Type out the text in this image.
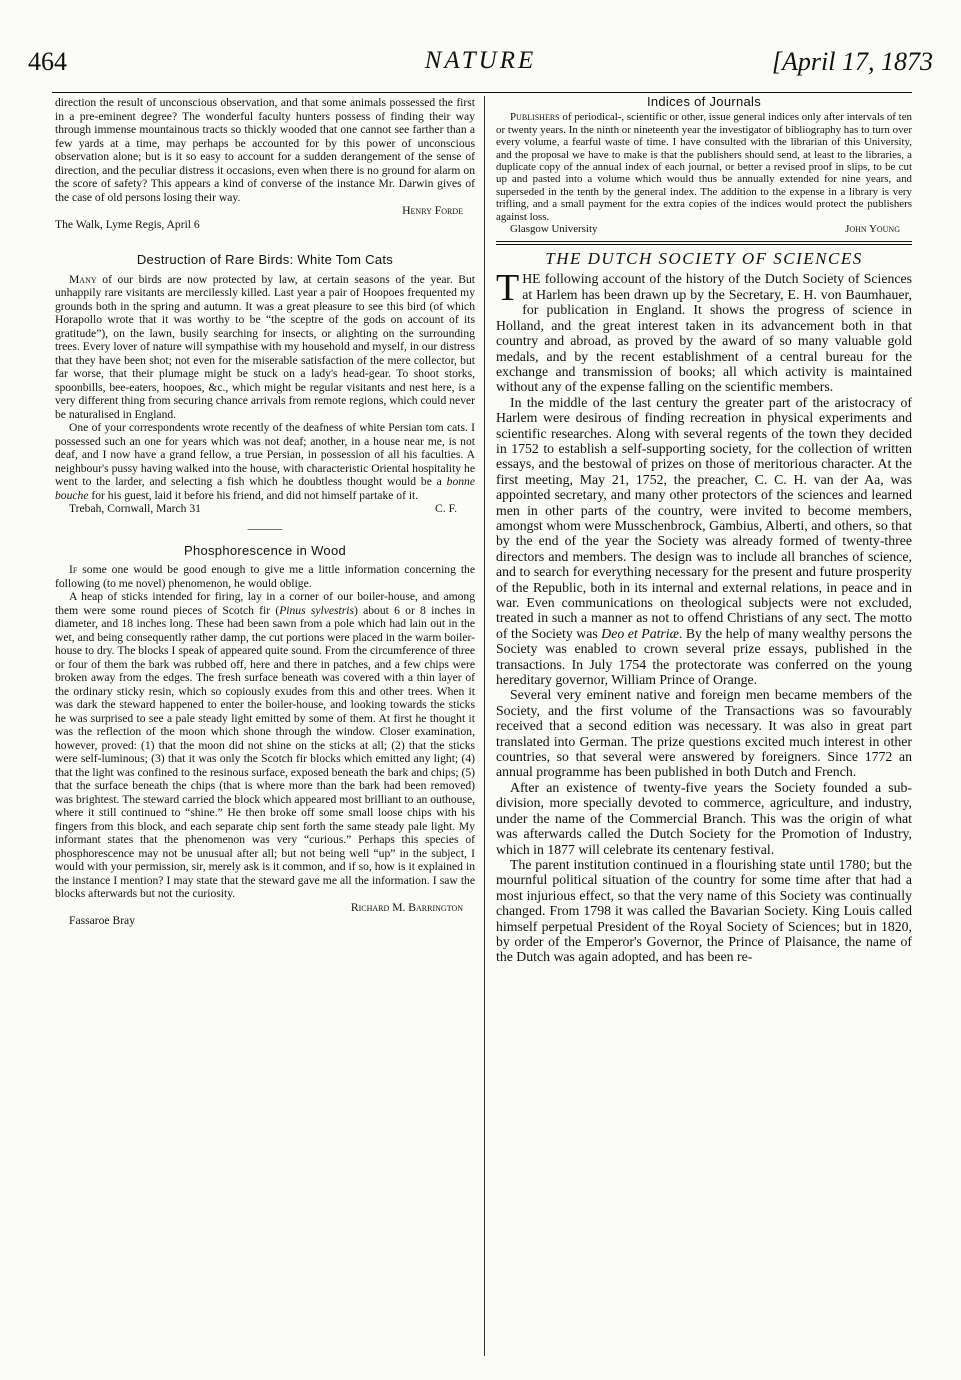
464	NATURE	[April 17, 1873

direction the result of unconscious observation, and that some animals possessed the first in a pre-eminent degree? The wonderful faculty hunters possess of finding their way through immense mountainous tracts so thickly wooded that one cannot see farther than a few yards at a time, may perhaps be accounted for by this power of unconscious observation alone; but is it so easy to account for a sudden derangement of the sense of direction, and the peculiar distress it occasions, even when there is no ground for alarm on the score of safety? This appears a kind of converse of the instance Mr. Darwin gives of the case of old persons losing their way.

Henry Forde

The Walk, Lyme Regis, April 6

Destruction of Rare Birds: White Tom Cats

Many of our birds are now protected by law, at certain seasons of the year. But unhappily rare visitants are mercilessly killed. Last year a pair of Hoopoes frequented my grounds both in the spring and autumn. It was a great pleasure to see this bird (of which Horapollo wrote that it was worthy to be “the sceptre of the gods on account of its gratitude”), on the lawn, busily searching for insects, or alighting on the surrounding trees. Every lover of nature will sympathise with my household and myself, in our distress that they have been shot; not even for the miserable satisfaction of the mere collector, but far worse, that their plumage might be stuck on a lady's head-gear. To shoot storks, spoonbills, bee-eaters, hoopoes, &c., which might be regular visitants and nest here, is a very different thing from securing chance arrivals from remote regions, which could never be naturalised in England.

One of your correspondents wrote recently of the deafness of white Persian tom cats. I possessed such an one for years which was not deaf; another, in a house near me, is not deaf, and I now have a grand fellow, a true Persian, in possession of all his faculties. A neighbour's pussy having walked into the house, with characteristic Oriental hospitality he went to the larder, and selecting a fish which he doubtless thought would be a bonne bouche for his guest, laid it before his friend, and did not himself partake of it.

Trebah, Cornwall, March 31	C. F.
———
Phosphorescence in Wood

If some one would be good enough to give me a little information concerning the following (to me novel) phenomenon, he would oblige.

A heap of sticks intended for firing, lay in a corner of our boiler-house, and among them were some round pieces of Scotch fir (Pinus sylvestris) about 6 or 8 inches in diameter, and 18 inches long. These had been sawn from a pole which had lain out in the wet, and being consequently rather damp, the cut portions were placed in the warm boiler-house to dry. The blocks I speak of appeared quite sound. From the circumference of three or four of them the bark was rubbed off, here and there in patches, and a few chips were broken away from the edges. The fresh surface beneath was covered with a thin layer of the ordinary sticky resin, which so copiously exudes from this and other trees. When it was dark the steward happened to enter the boiler-house, and looking towards the sticks he was surprised to see a pale steady light emitted by some of them. At first he thought it was the reflection of the moon which shone through the window. Closer examination, however, proved: (1) that the moon did not shine on the sticks at all; (2) that the sticks were self-luminous; (3) that it was only the Scotch fir blocks which emitted any light; (4) that the light was confined to the resinous surface, exposed beneath the bark and chips; (5) that the surface beneath the chips (that is where more than the bark had been removed) was brightest. The steward carried the block which appeared most brilliant to an outhouse, where it still continued to “shine.” He then broke off some small loose chips with his fingers from this block, and each separate chip sent forth the same steady pale light. My informant states that the phenomenon was very “curious.” Perhaps this species of phosphorescence may not be unusual after all; but not being well “up” in the subject, I would with your permission, sir, merely ask is it common, and if so, how is it explained in the instance I mention? I may state that the steward gave me all the information. I saw the blocks afterwards but not the curiosity.

Richard M. Barrington

Fassaroe Bray

Indices of Journals

Publishers of periodical-, scientific or other, issue general indices only after intervals of ten or twenty years. In the ninth or nineteenth year the investigator of bibliography has to turn over every volume, a fearful waste of time. I have consulted with the librarian of this University, and the proposal we have to make is that the publishers should send, at least to the libraries, a duplicate copy of the annual index of each journal, or better a revised proof in slips, to be cut up and pasted into a volume which would thus be annually extended for nine years, and superseded in the tenth by the general index. The addition to the expense in a library is very trifling, and a small payment for the extra copies of the indices would protect the publishers against loss.

Glasgow University	John Young
THE DUTCH SOCIETY OF SCIENCES

THE following account of the history of the Dutch Society of Sciences at Harlem has been drawn up by the Secretary, E. H. von Baumhauer, for publication in England. It shows the progress of science in Holland, and the great interest taken in its advancement both in that country and abroad, as proved by the award of so many valuable gold medals, and by the recent establishment of a central bureau for the exchange and transmission of books; all which activity is maintained without any of the expense falling on the scientific members.

In the middle of the last century the greater part of the aristocracy of Harlem were desirous of finding recreation in physical experiments and scientific researches. Along with several regents of the town they decided in 1752 to establish a self-supporting society, for the collection of written essays, and the bestowal of prizes on those of meritorious character. At the first meeting, May 21, 1752, the preacher, C. C. H. van der Aa, was appointed secretary, and many other protectors of the sciences and learned men in other parts of the country, were invited to become members, amongst whom were Musschenbrock, Gambius, Alberti, and others, so that by the end of the year the Society was already formed of twenty-three directors and members. The design was to include all branches of science, and to search for everything necessary for the present and future prosperity of the Republic, both in its internal and external relations, in peace and in war. Even communications on theological subjects were not excluded, treated in such a manner as not to offend Christians of any sect. The motto of the Society was Deo et Patriæ. By the help of many wealthy persons the Society was enabled to crown several prize essays, published in the transactions. In July 1754 the protectorate was conferred on the young hereditary governor, William Prince of Orange.

Several very eminent native and foreign men became members of the Society, and the first volume of the Transactions was so favourably received that a second edition was necessary. It was also in great part translated into German. The prize questions excited much interest in other countries, so that several were answered by foreigners. Since 1772 an annual programme has been published in both Dutch and French.

After an existence of twenty-five years the Society founded a sub-division, more specially devoted to commerce, agriculture, and industry, under the name of the Commercial Branch. This was the origin of what was afterwards called the Dutch Society for the Promotion of Industry, which in 1877 will celebrate its centenary festival.

The parent institution continued in a flourishing state until 1780; but the mournful political situation of the country for some time after that had a most injurious effect, so that the very name of this Society was continually changed. From 1798 it was called the Bavarian Society. King Louis called himself perpetual President of the Royal Society of Sciences; but in 1820, by order of the Emperor's Governor, the Prince of Plaisance, the name of the Dutch was again adopted, and has been re-
